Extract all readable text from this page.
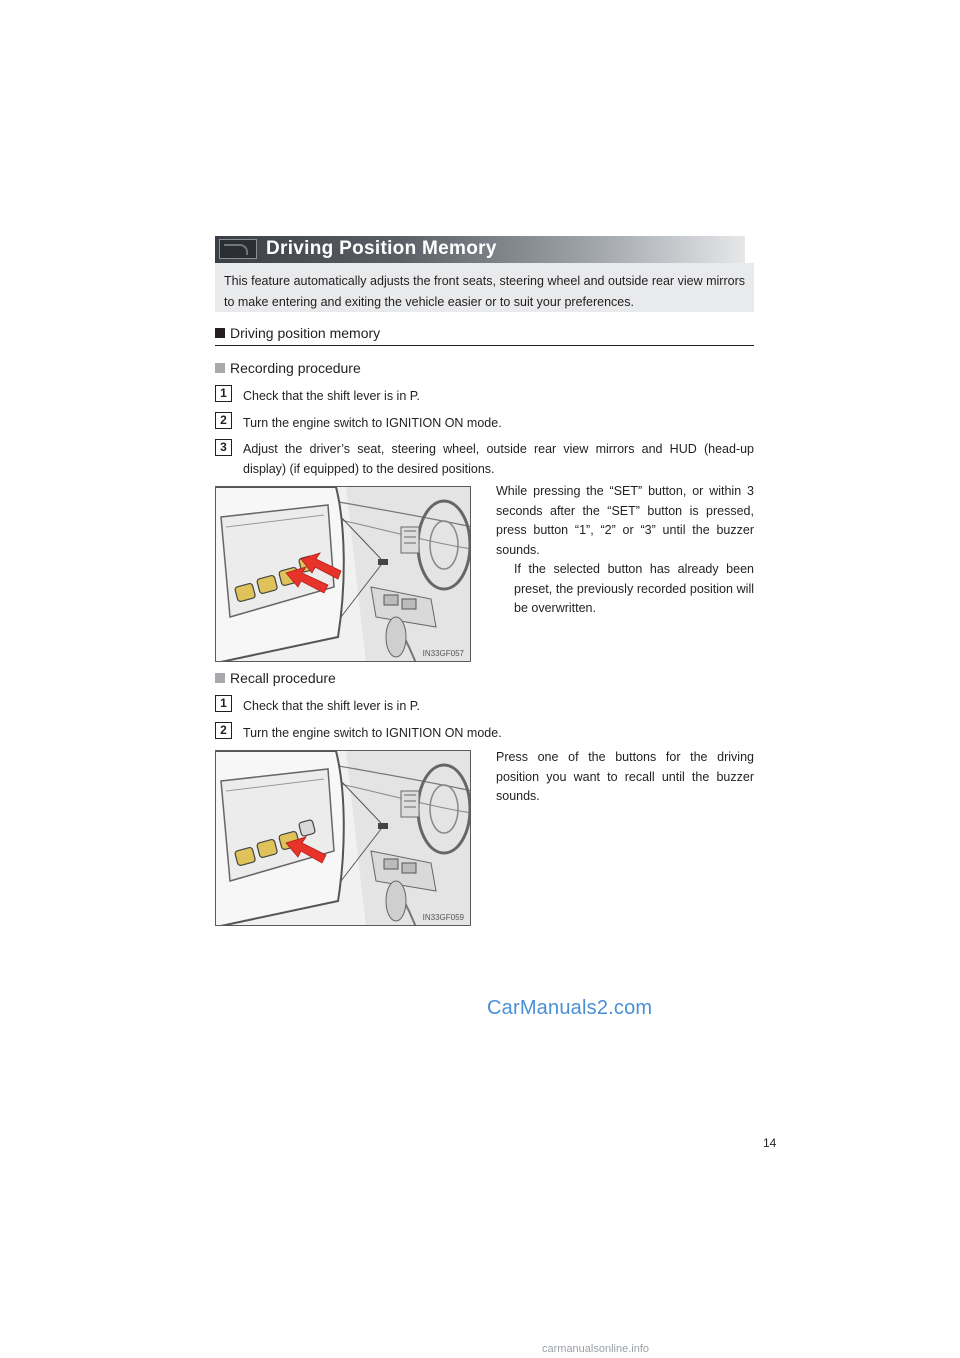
Driving Position Memory
This feature automatically adjusts the front seats, steering wheel and outside rear view mirrors to make entering and exiting the vehicle easier or to suit your preferences.
Driving position memory
Recording procedure
1	Check that the shift lever is in P.
2	Turn the engine switch to IGNITION ON mode.
3	Adjust the driver’s seat, steering wheel, outside rear view mirrors and HUD (head-up display) (if equipped) to the desired positions.
IN33GF057
While pressing the “SET” button, or within 3 seconds after the “SET” button is pressed, press button “1”, “2” or “3” until the buzzer sounds.
If the selected button has already been preset, the previously recorded position will be overwritten.
Recall procedure
1	Check that the shift lever is in P.
2	Turn the engine switch to IGNITION ON mode.
IN33GF059
Press one of the buttons for the driving position you want to recall until the buzzer sounds.
CarManuals2.com
14
carmanualsonline.info
